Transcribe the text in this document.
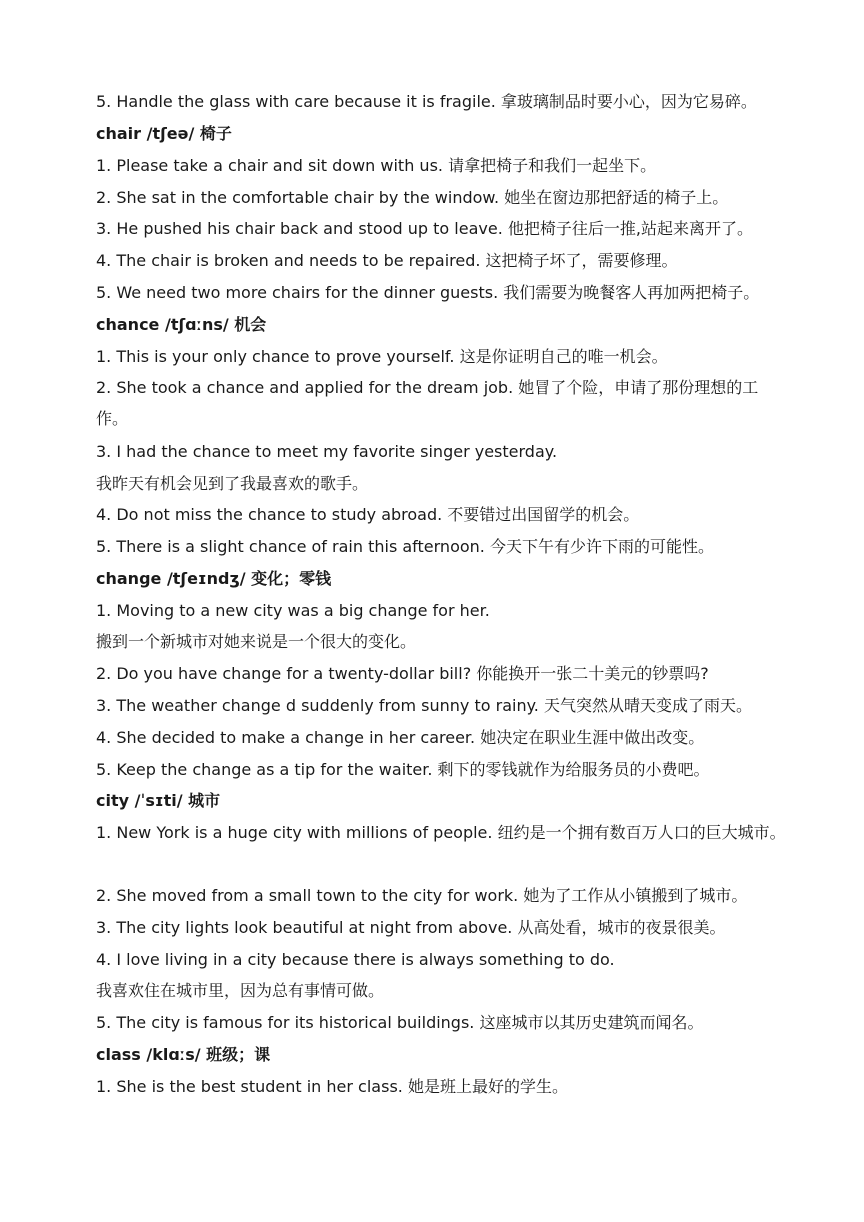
5. Handle the glass with care because it is fragile. 拿玻璃制品时要小心，因为它易碎。
chair /tʃeə/ 椅子
1. Please take a chair and sit down with us. 请拿把椅子和我们一起坐下。
2. She sat in the comfortable chair by the window. 她坐在窗边那把舒适的椅子上。
3. He pushed his chair back and stood up to leave. 他把椅子往后一推,站起来离开了。
4. The chair is broken and needs to be repaired. 这把椅子坏了，需要修理。
5. We need two more chairs for the dinner guests. 我们需要为晚餐客人再加两把椅子。
chance /tʃɑːns/ 机会
1. This is your only chance to prove yourself. 这是你证明自己的唯一机会。
2. She took a chance and applied for the dream job. 她冒了个险，申请了那份理想的工作。
3. I had the chance to meet my favorite singer yesterday.
我昨天有机会见到了我最喜欢的歌手。
4. Do not miss the chance to study abroad. 不要错过出国留学的机会。
5. There is a slight chance of rain this afternoon. 今天下午有少许下雨的可能性。
change /tʃeɪndʒ/ 变化；零钱
1. Moving to a new city was a big change for her.
搬到一个新城市对她来说是一个很大的变化。
2. Do you have change for a twenty-dollar bill? 你能换开一张二十美元的钞票吗?
3. The weather change d suddenly from sunny to rainy. 天气突然从晴天变成了雨天。
4. She decided to make a change in her career. 她决定在职业生涯中做出改变。
5. Keep the change as a tip for the waiter. 剩下的零钱就作为给服务员的小费吧。
city /ˈsɪti/ 城市
1. New York is a huge city with millions of people. 纽约是一个拥有数百万人口的巨大城市。
2. She moved from a small town to the city for work. 她为了工作从小镇搬到了城市。
3. The city lights look beautiful at night from above. 从高处看，城市的夜景很美。
4. I love living in a city because there is always something to do.
我喜欢住在城市里，因为总有事情可做。
5. The city is famous for its historical buildings. 这座城市以其历史建筑而闻名。
class /klɑːs/ 班级；课
1. She is the best student in her class. 她是班上最好的学生。
